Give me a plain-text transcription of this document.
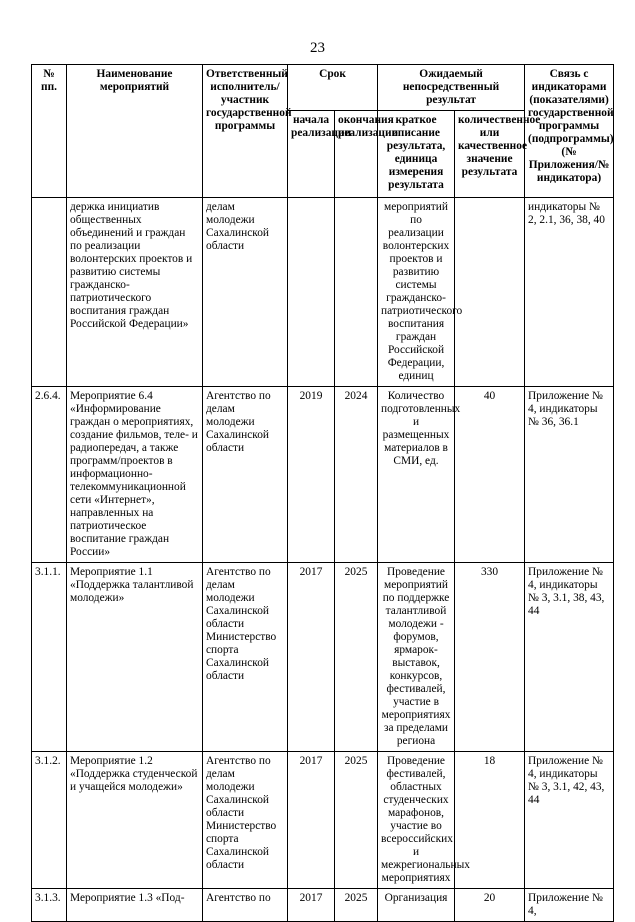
23
№ пп.	Наименование мероприятий	Ответственный исполнитель/участник государственной программы	Срок		Ожидаемый непосредственный результат		Связь с индикаторами (показателями) государственной программы (подпрограммы) (№ Приложения/№ индикатора)
			начала реализации	окончания реализации	краткое описание результата, единица измерения результата	количественное или качественное значение результата	
	держка инициатив общественных объединений и граждан по реализации волонтерских проектов и развитию системы гражданско-патриотического воспитания граждан Российской Федерации»	делам молодежи Сахалинской области			мероприятий по реализации волонтерских проектов и развитию системы гражданско-патриотического воспитания граждан Российской Федерации, единиц		индикаторы № 2, 2.1, 36, 38, 40
2.6.4.	Мероприятие 6.4 «Информирование граждан о мероприятиях, создание фильмов, теле- и радиопередач, а также программ/проектов в информационно-телекоммуникационной сети «Интернет», направленных на патриотическое воспитание граждан России»	Агентство по делам молодежи Сахалинской области	2019	2024	Количество подготовленных и размещенных материалов в СМИ, ед.	40	Приложение № 4, индикаторы № 36, 36.1
3.1.1.	Мероприятие 1.1 «Поддержка талантливой молодежи»	Агентство по делам молодежи Сахалинской области Министерство спорта Сахалинской области	2017	2025	Проведение мероприятий по поддержке талантливой молодежи - форумов, ярмарок-выставок, конкурсов, фестивалей, участие в мероприятиях за пределами региона	330	Приложение № 4, индикаторы № 3, 3.1, 38, 43, 44
3.1.2.	Мероприятие 1.2 «Поддержка студенческой и учащейся молодежи»	Агентство по делам молодежи Сахалинской области Министерство спорта Сахалинской области	2017	2025	Проведение фестивалей, областных студенческих марафонов, участие во всероссийских и межрегиональных мероприятиях	18	Приложение № 4, индикаторы № 3, 3.1, 42, 43, 44
3.1.3.	Мероприятие 1.3 «Под-	Агентство по	2017	2025	Организация	20	Приложение № 4,
